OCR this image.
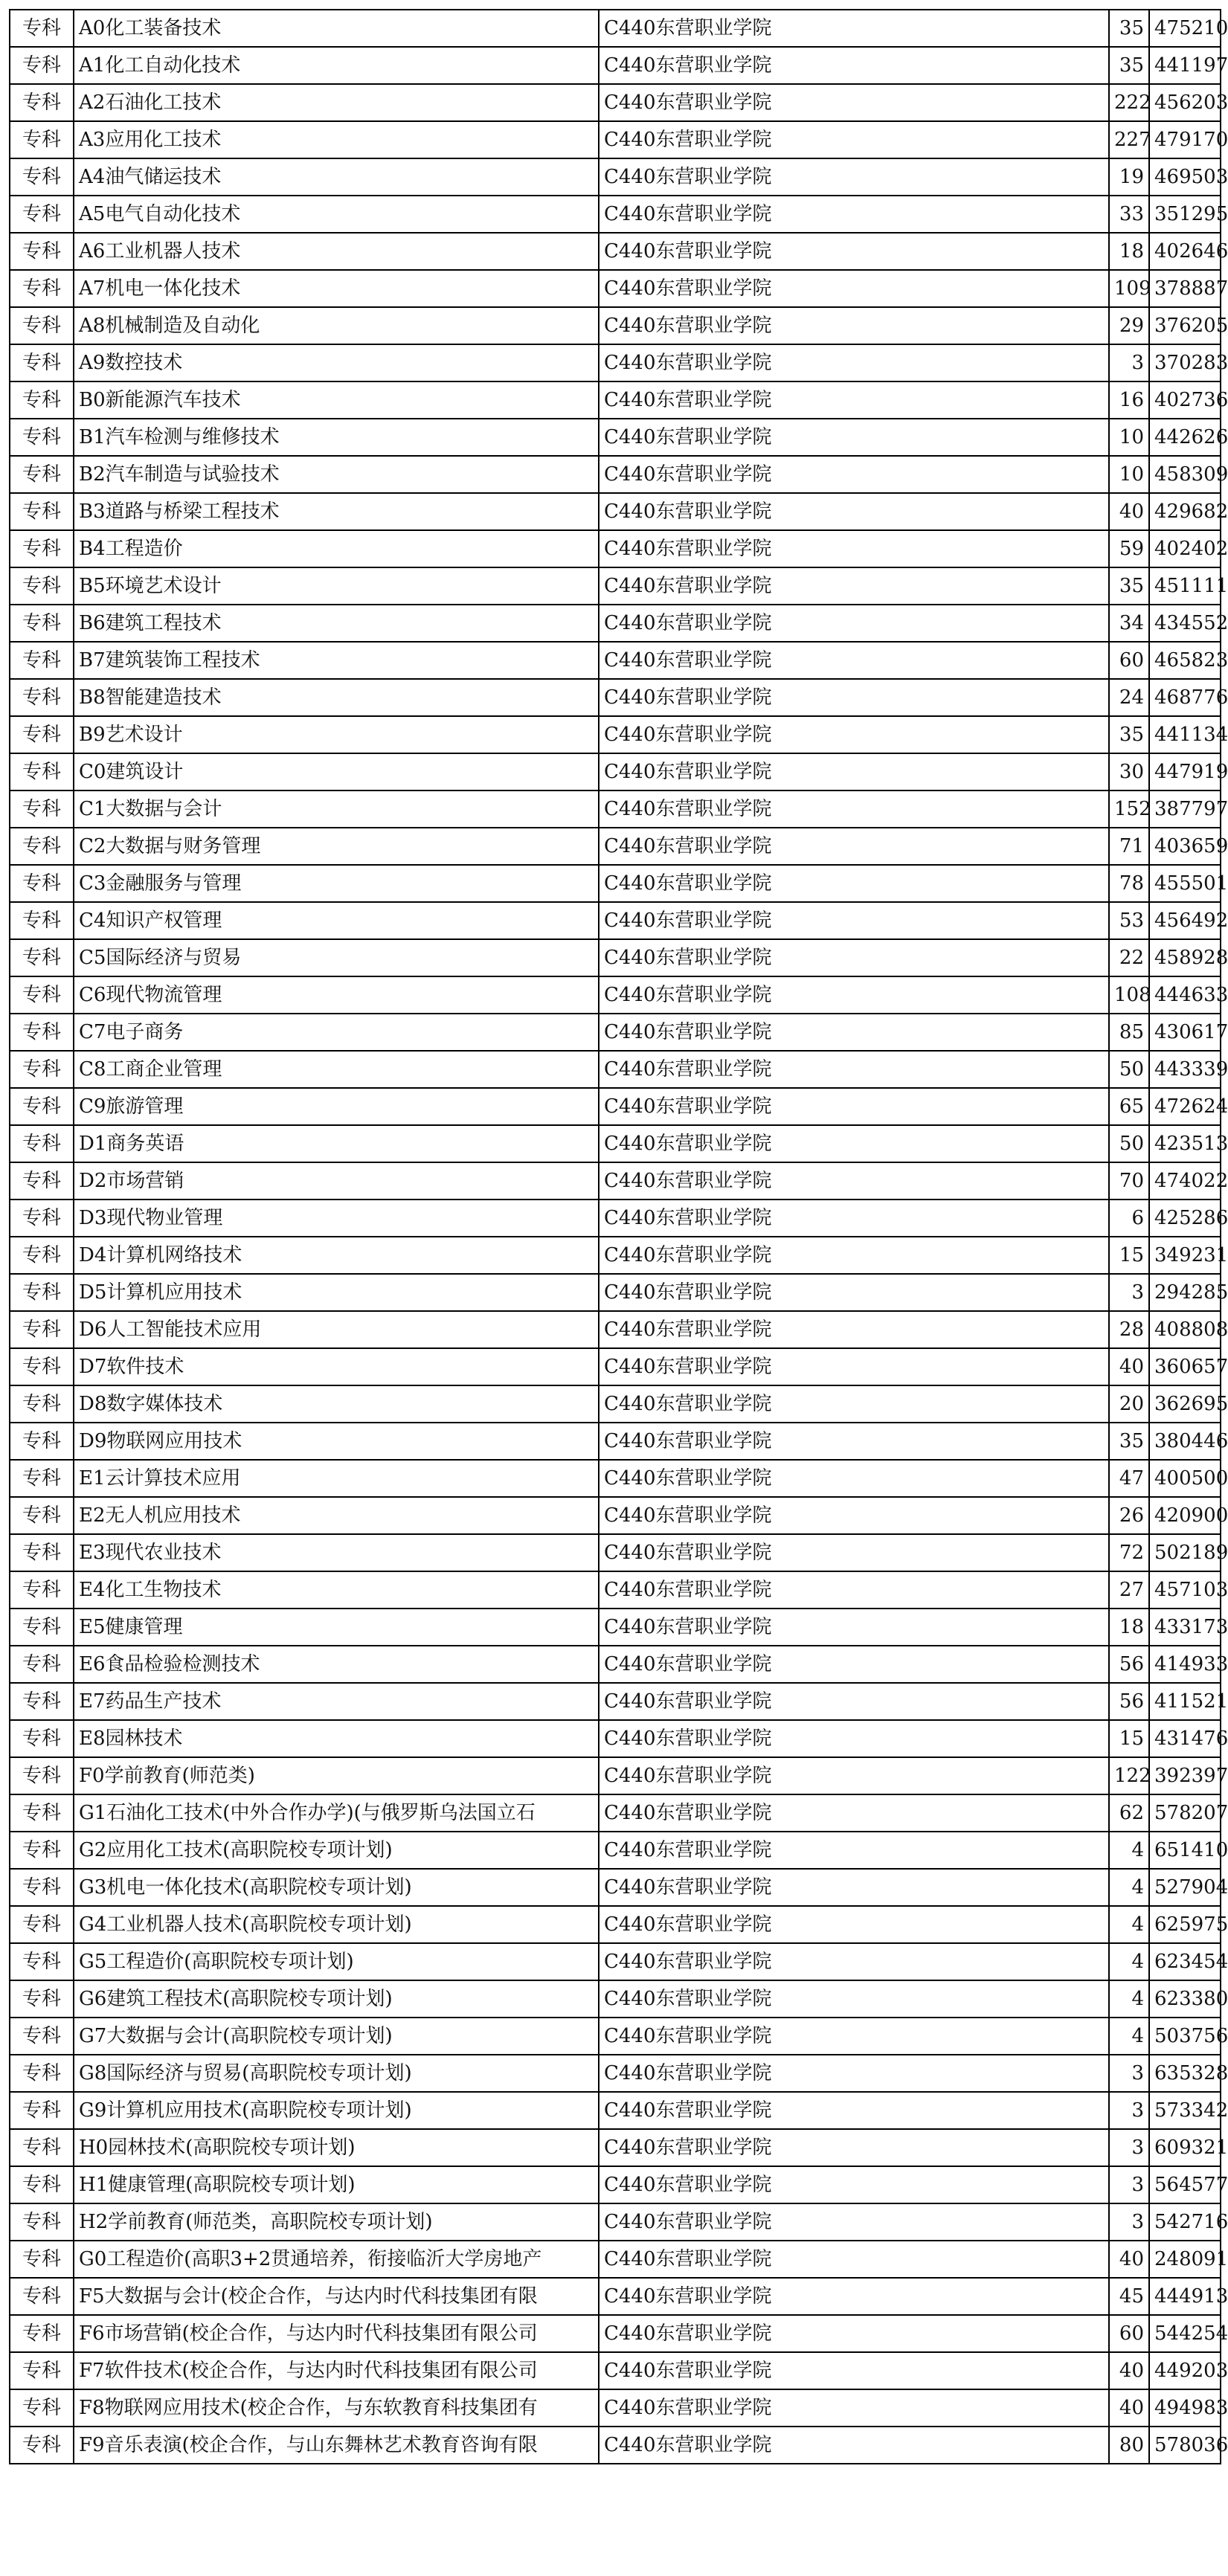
专科	A0化工装备技术	C440东营职业学院	35	475210
专科	A1化工自动化技术	C440东营职业学院	35	441197
专科	A2石油化工技术	C440东营职业学院	222	456203
专科	A3应用化工技术	C440东营职业学院	227	479170
专科	A4油气储运技术	C440东营职业学院	19	469503
专科	A5电气自动化技术	C440东营职业学院	33	351295
专科	A6工业机器人技术	C440东营职业学院	18	402646
专科	A7机电一体化技术	C440东营职业学院	109	378887
专科	A8机械制造及自动化	C440东营职业学院	29	376205
专科	A9数控技术	C440东营职业学院	3	370283
专科	B0新能源汽车技术	C440东营职业学院	16	402736
专科	B1汽车检测与维修技术	C440东营职业学院	10	442626
专科	B2汽车制造与试验技术	C440东营职业学院	10	458309
专科	B3道路与桥梁工程技术	C440东营职业学院	40	429682
专科	B4工程造价	C440东营职业学院	59	402402
专科	B5环境艺术设计	C440东营职业学院	35	451111
专科	B6建筑工程技术	C440东营职业学院	34	434552
专科	B7建筑装饰工程技术	C440东营职业学院	60	465823
专科	B8智能建造技术	C440东营职业学院	24	468776
专科	B9艺术设计	C440东营职业学院	35	441134
专科	C0建筑设计	C440东营职业学院	30	447919
专科	C1大数据与会计	C440东营职业学院	152	387797
专科	C2大数据与财务管理	C440东营职业学院	71	403659
专科	C3金融服务与管理	C440东营职业学院	78	455501
专科	C4知识产权管理	C440东营职业学院	53	456492
专科	C5国际经济与贸易	C440东营职业学院	22	458928
专科	C6现代物流管理	C440东营职业学院	108	444633
专科	C7电子商务	C440东营职业学院	85	430617
专科	C8工商企业管理	C440东营职业学院	50	443339
专科	C9旅游管理	C440东营职业学院	65	472624
专科	D1商务英语	C440东营职业学院	50	423513
专科	D2市场营销	C440东营职业学院	70	474022
专科	D3现代物业管理	C440东营职业学院	6	425286
专科	D4计算机网络技术	C440东营职业学院	15	349231
专科	D5计算机应用技术	C440东营职业学院	3	294285
专科	D6人工智能技术应用	C440东营职业学院	28	408808
专科	D7软件技术	C440东营职业学院	40	360657
专科	D8数字媒体技术	C440东营职业学院	20	362695
专科	D9物联网应用技术	C440东营职业学院	35	380446
专科	E1云计算技术应用	C440东营职业学院	47	400500
专科	E2无人机应用技术	C440东营职业学院	26	420900
专科	E3现代农业技术	C440东营职业学院	72	502189
专科	E4化工生物技术	C440东营职业学院	27	457103
专科	E5健康管理	C440东营职业学院	18	433173
专科	E6食品检验检测技术	C440东营职业学院	56	414933
专科	E7药品生产技术	C440东营职业学院	56	411521
专科	E8园林技术	C440东营职业学院	15	431476
专科	F0学前教育(师范类)	C440东营职业学院	122	392397
专科	G1石油化工技术(中外合作办学)(与俄罗斯乌法国立石	C440东营职业学院	62	578207
专科	G2应用化工技术(高职院校专项计划)	C440东营职业学院	4	651410
专科	G3机电一体化技术(高职院校专项计划)	C440东营职业学院	4	527904
专科	G4工业机器人技术(高职院校专项计划)	C440东营职业学院	4	625975
专科	G5工程造价(高职院校专项计划)	C440东营职业学院	4	623454
专科	G6建筑工程技术(高职院校专项计划)	C440东营职业学院	4	623380
专科	G7大数据与会计(高职院校专项计划)	C440东营职业学院	4	503756
专科	G8国际经济与贸易(高职院校专项计划)	C440东营职业学院	3	635328
专科	G9计算机应用技术(高职院校专项计划)	C440东营职业学院	3	573342
专科	H0园林技术(高职院校专项计划)	C440东营职业学院	3	609321
专科	H1健康管理(高职院校专项计划)	C440东营职业学院	3	564577
专科	H2学前教育(师范类，高职院校专项计划)	C440东营职业学院	3	542716
专科	G0工程造价(高职3+2贯通培养，衔接临沂大学房地产	C440东营职业学院	40	248091
专科	F5大数据与会计(校企合作，与达内时代科技集团有限	C440东营职业学院	45	444913
专科	F6市场营销(校企合作，与达内时代科技集团有限公司	C440东营职业学院	60	544254
专科	F7软件技术(校企合作，与达内时代科技集团有限公司	C440东营职业学院	40	449203
专科	F8物联网应用技术(校企合作，与东软教育科技集团有	C440东营职业学院	40	494983
专科	F9音乐表演(校企合作，与山东舞林艺术教育咨询有限	C440东营职业学院	80	578036
